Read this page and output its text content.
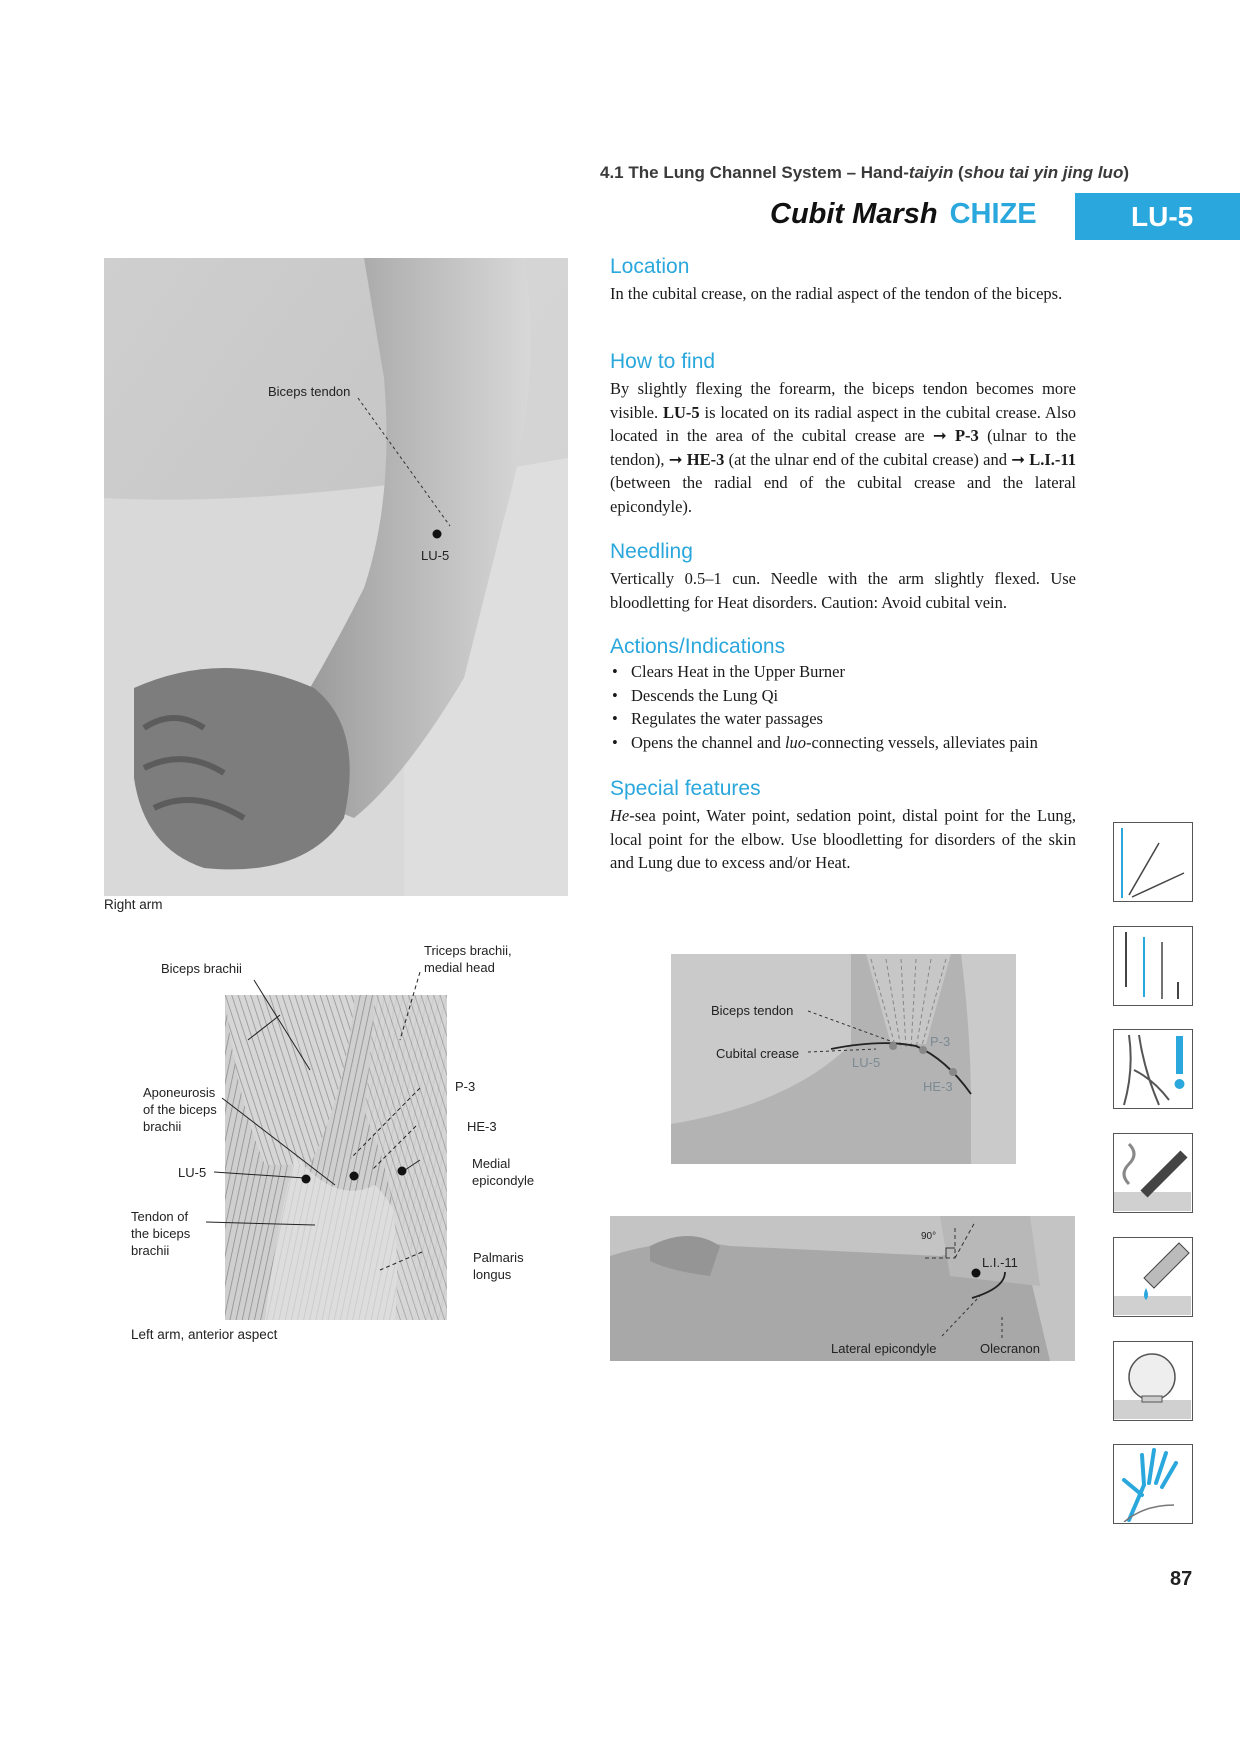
4.1 The Lung Channel System – Hand-taiyin (shou tai yin jing luo)
Cubit Marsh CHIZE	LU-5
Location
In the cubital crease, on the radial aspect of the tendon of the biceps.
How to find
By slightly flexing the forearm, the biceps tendon becomes more visible. LU-5 is located on its radial aspect in the cubital crease. Also located in the area of the cubital crease are ➞ P-3 (ulnar to the tendon), ➞ HE-3 (at the ulnar end of the cubital crease) and ➞ L.I.-11 (between the radial end of the cubital crease and the lateral epicondyle).
Needling
Vertically 0.5–1 cun. Needle with the arm slightly flexed. Use bloodletting for Heat disorders. Caution: Avoid cubital vein.
Actions/Indications
• Clears Heat in the Upper Burner
• Descends the Lung Qi
• Regulates the water passages
• Opens the channel and luo-connecting vessels, alleviates pain
Special features
He-sea point, Water point, sedation point, distal point for the Lung, local point for the elbow. Use bloodletting for disorders of the skin and Lung due to excess and/or Heat.
Biceps tendon
LU-5
Right arm
Biceps brachii
Triceps brachii,
medial head
Aponeurosis
of the biceps
brachii
P-3
HE-3
LU-5
Medial
epicondyle
Tendon of
the biceps
brachii	Palmaris
longus
Left arm, anterior aspect
Biceps tendon
Cubital crease
LU-5
P-3
HE-3
90°
L.I.-11
Lateral epicondyle	Olecranon
87
